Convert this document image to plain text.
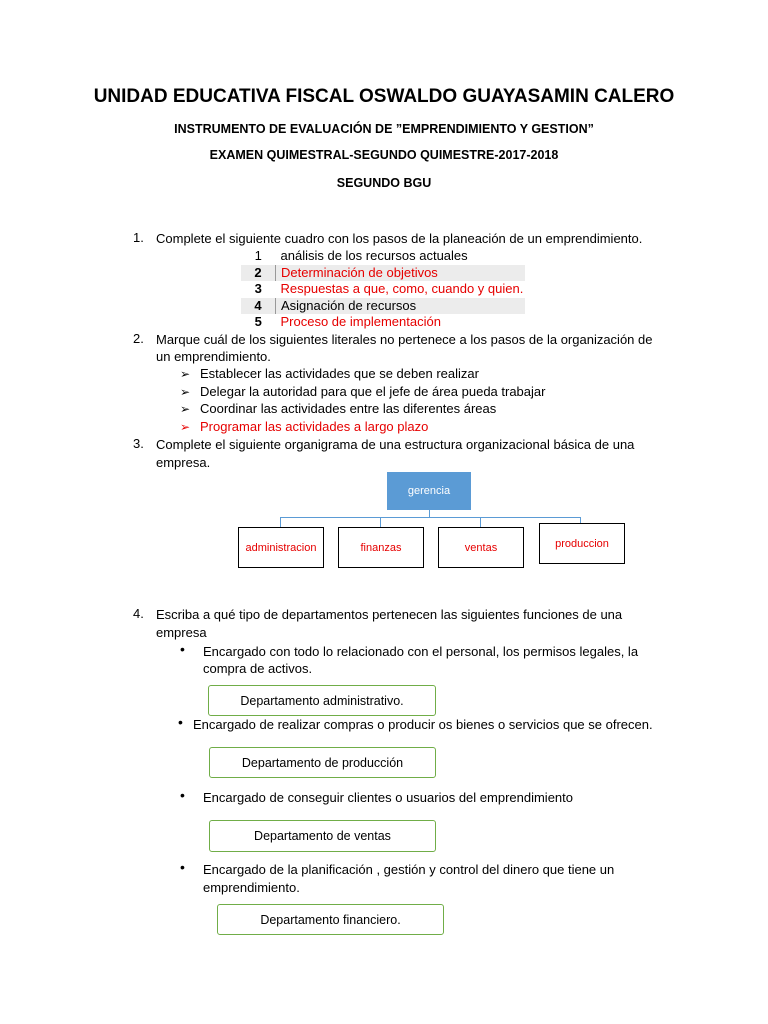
UNIDAD EDUCATIVA FISCAL OSWALDO GUAYASAMIN CALERO
INSTRUMENTO DE EVALUACIÓN DE ”EMPRENDIMIENTO Y GESTION”
EXAMEN QUIMESTRAL-SEGUNDO QUIMESTRE-2017-2018
SEGUNDO BGU
1. Complete el siguiente cuadro con los pasos de la planeación de un emprendimiento.
1	análisis de los recursos actuales
2	Determinación de objetivos
3	Respuestas a que, como, cuando y quien.
4	Asignación de recursos
5	Proceso de implementación
2. Marque cuál de los siguientes literales no pertenece a los pasos de la organización de
un emprendimiento.
➢ Establecer las actividades que se deben realizar
➢ Delegar la autoridad para que el jefe de área pueda trabajar
➢ Coordinar las actividades entre las diferentes áreas
➢ Programar las actividades a largo plazo
3. Complete el siguiente organigrama de una estructura organizacional básica de una
empresa.
gerencia
administracion	finanzas	ventas	produccion
4. Escriba a qué tipo de departamentos pertenecen las siguientes funciones de una
empresa
• Encargado con todo lo relacionado con el personal, los permisos legales, la
compra de activos.
Departamento administrativo.
• Encargado de realizar compras o producir os bienes o servicios que se ofrecen.
Departamento de producción
• Encargado de conseguir clientes o usuarios del emprendimiento
Departamento de ventas
• Encargado de la planificación , gestión y control del dinero que tiene un
emprendimiento.
Departamento financiero.
